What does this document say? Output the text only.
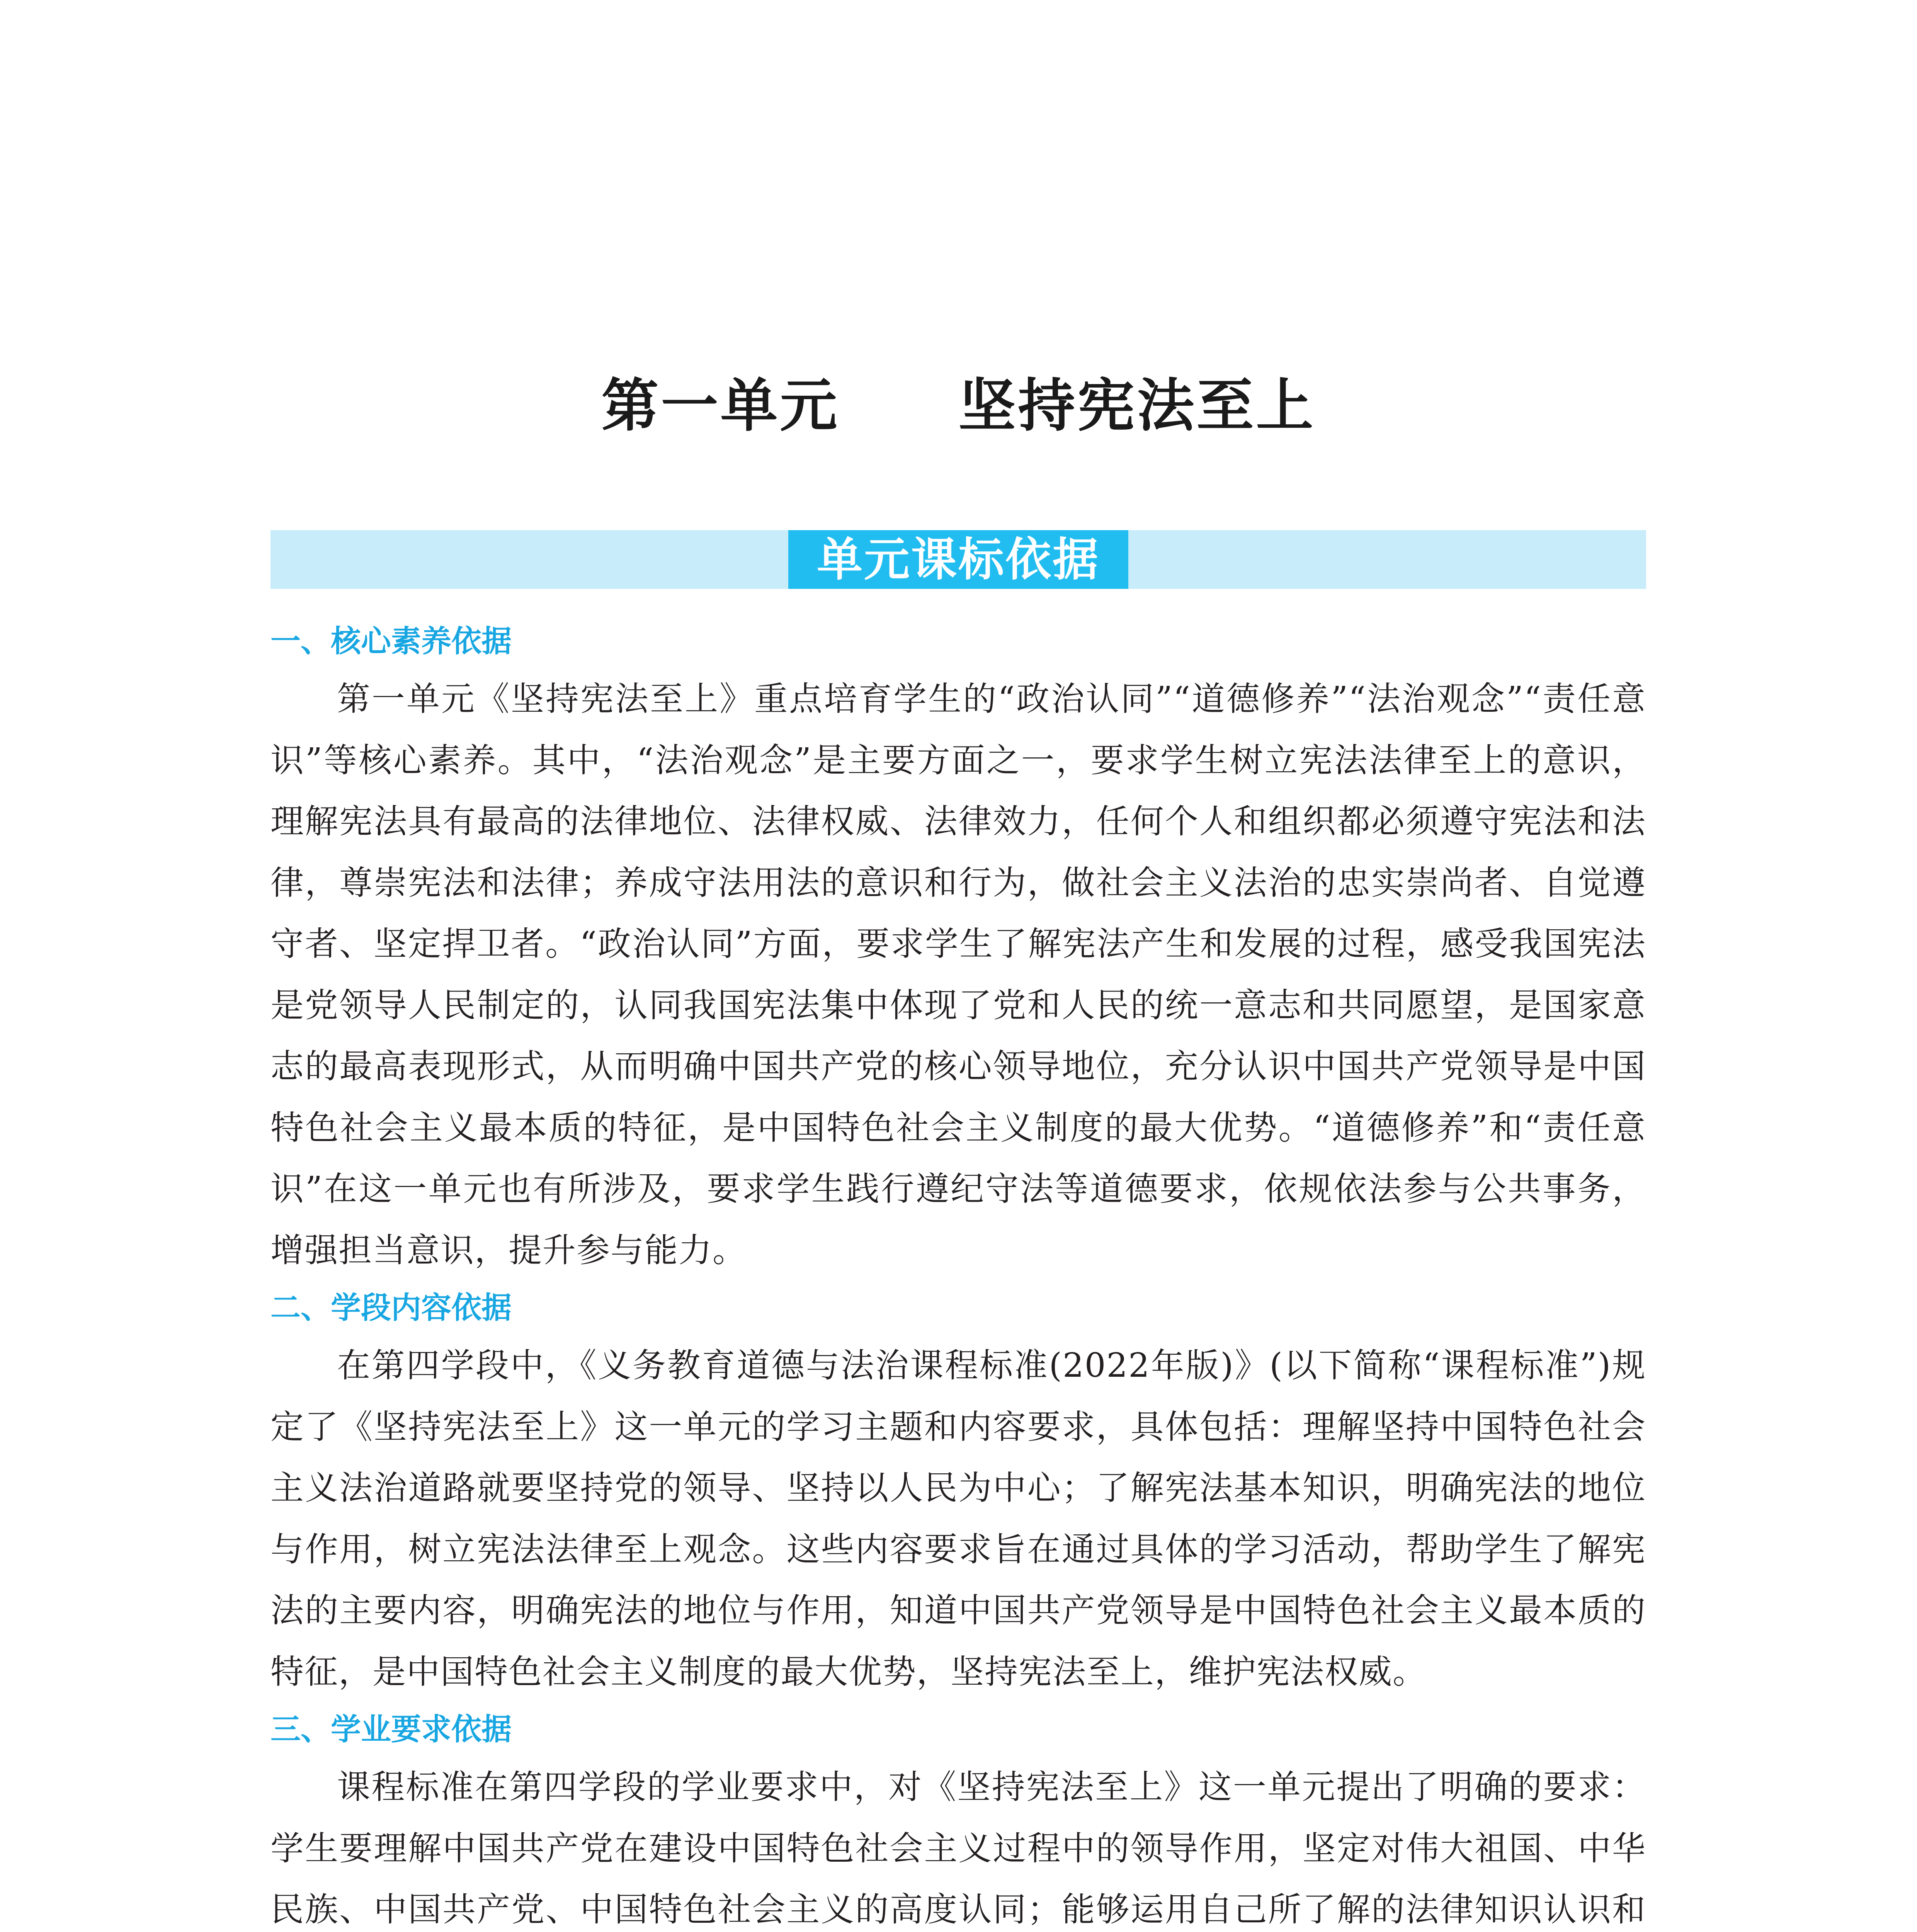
第一单元　　坚持宪法至上
单元课标依据
一、核心素养依据

第一单元《坚持宪法至上》重点培育学生的“政治认同”“道德修养”“法治观念”“责任意识”等核心素养。其中，“法治观念”是主要方面之一，要求学生树立宪法法律至上的意识，理解宪法具有最高的法律地位、法律权威、法律效力，任何个人和组织都必须遵守宪法和法律，尊崇宪法和法律；养成守法用法的意识和行为，做社会主义法治的忠实崇尚者、自觉遵守者、坚定捍卫者。“政治认同”方面，要求学生了解宪法产生和发展的过程，感受我国宪法是党领导人民制定的，认同我国宪法集中体现了党和人民的统一意志和共同愿望，是国家意志的最高表现形式，从而明确中国共产党的核心领导地位，充分认识中国共产党领导是中国特色社会主义最本质的特征，是中国特色社会主义制度的最大优势。“道德修养”和“责任意识”在这一单元也有所涉及，要求学生践行遵纪守法等道德要求，依规依法参与公共事务，增强担当意识，提升参与能力。

二、学段内容依据

在第四学段中，《义务教育道德与法治课程标准(2022年版)》(以下简称“课程标准”)规定了《坚持宪法至上》这一单元的学习主题和内容要求，具体包括：理解坚持中国特色社会主义法治道路就要坚持党的领导、坚持以人民为中心；了解宪法基本知识，明确宪法的地位与作用，树立宪法法律至上观念。这些内容要求旨在通过具体的学习活动，帮助学生了解宪法的主要内容，明确宪法的地位与作用，知道中国共产党领导是中国特色社会主义最本质的特征，是中国特色社会主义制度的最大优势，坚持宪法至上，维护宪法权威。

三、学业要求依据

课程标准在第四学段的学业要求中，对《坚持宪法至上》这一单元提出了明确的要求：学生要理解中国共产党在建设中国特色社会主义过程中的领导作用，坚定对伟大祖国、中华民族、中国共产党、中国特色社会主义的高度认同；能够运用自己所了解的法律知识认识和
